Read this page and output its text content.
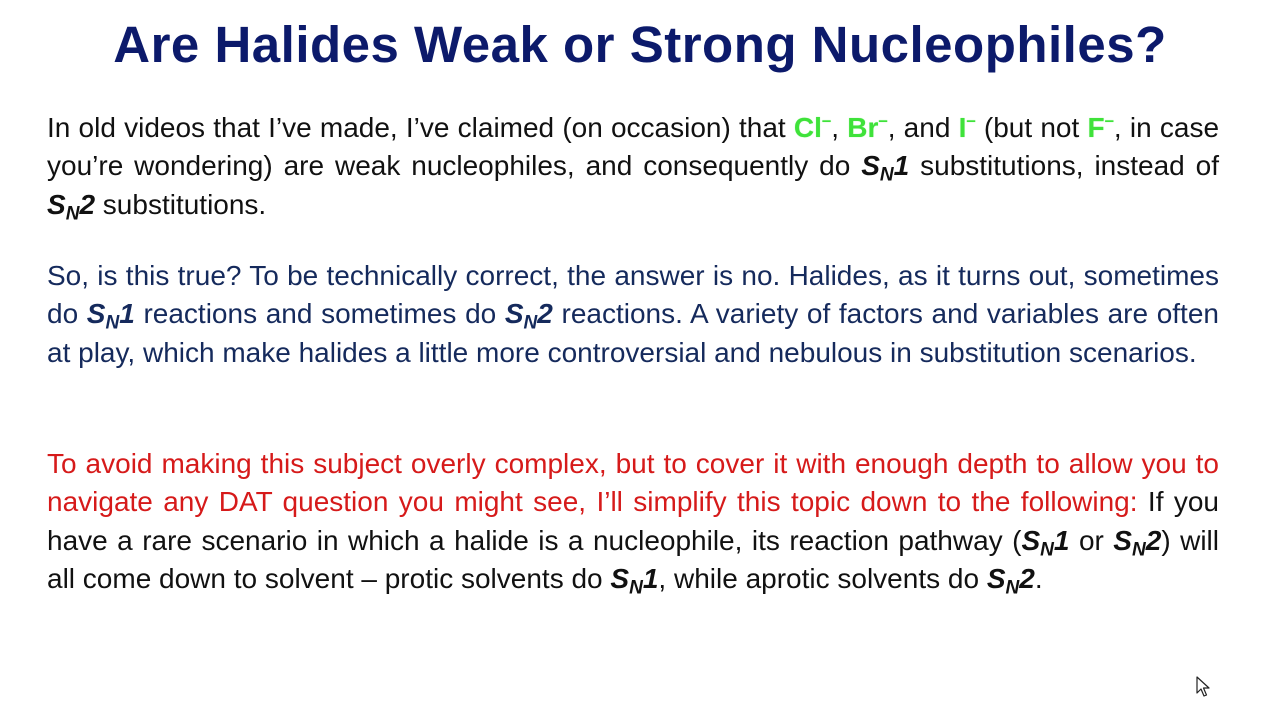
Are Halides Weak or Strong Nucleophiles?

In old videos that I’ve made, I’ve claimed (on occasion) that Cl–, Br–, and I– (but not F–, in case you’re wondering) are weak nucleophiles, and consequently do $S_N1$ substitutions, instead of $S_N2$ substitutions.

So, is this true? To be technically correct, the answer is no. Halides, as it turns out, sometimes do $S_N1$ reactions and sometimes do $S_N2$ reactions. A variety of factors and variables are often at play, which make halides a little more controversial and nebulous in substitution scenarios.

To avoid making this subject overly complex, but to cover it with enough depth to allow you to navigate any DAT question you might see, I’ll simplify this topic down to the following: If you have a rare scenario in which a halide is a nucleophile, its reaction pathway ($S_N1$ or $S_N2$) will all come down to solvent – protic solvents do $S_N1$, while aprotic solvents do $S_N2$.
